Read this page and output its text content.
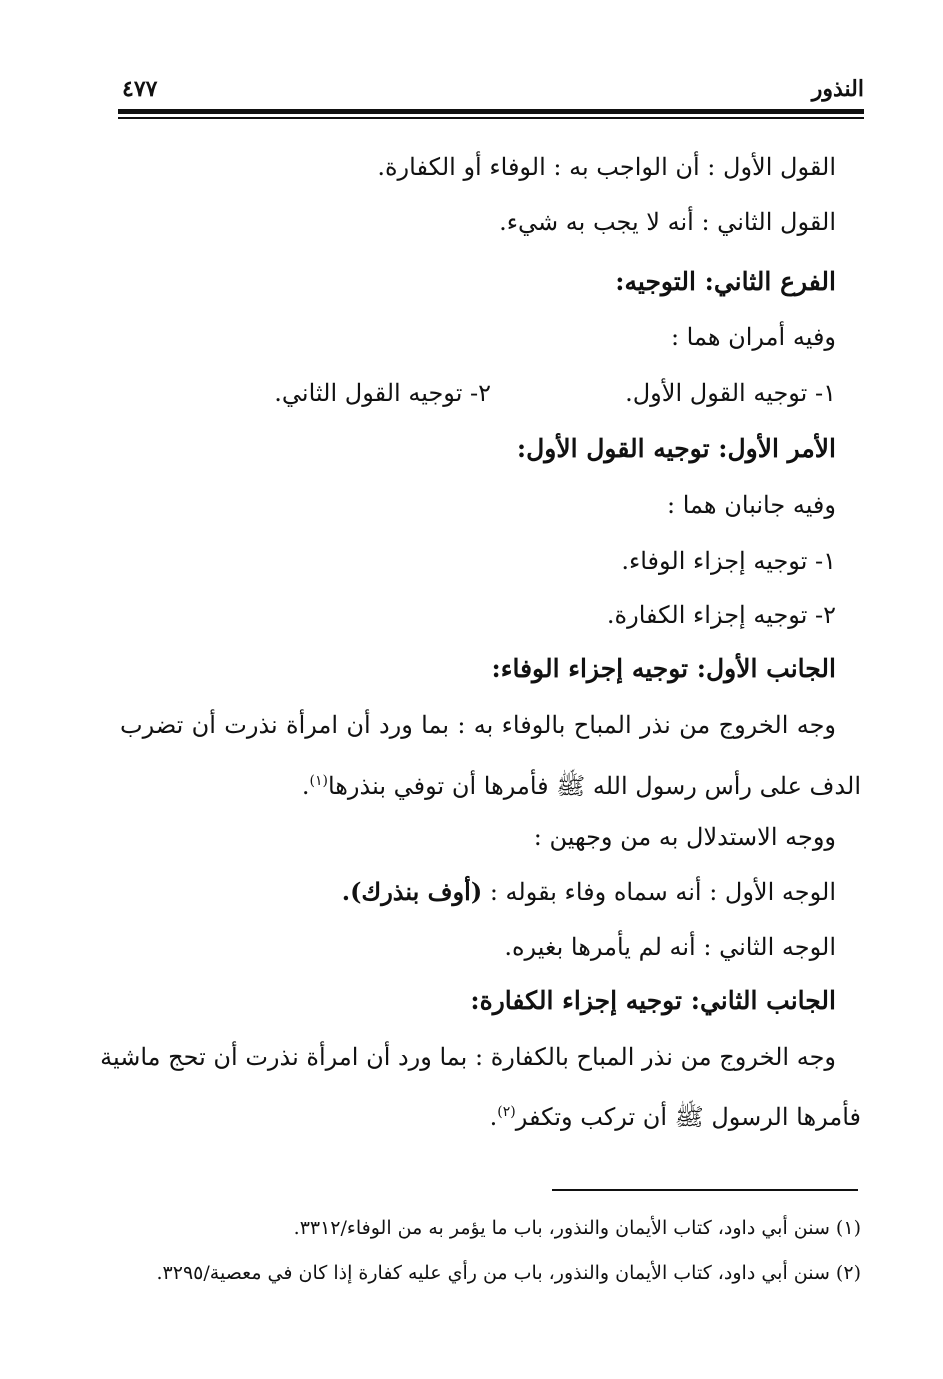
النذور
٤٧٧
القول الأول : أن الواجب به : الوفاء أو الكفارة.
القول الثاني : أنه لا يجب به شيء.
الفرع الثاني: التوجيه:
وفيه أمران هما :
١- توجيه القول الأول.
٢- توجيه القول الثاني.
الأمر الأول: توجيه القول الأول:
وفيه جانبان هما :
١- توجيه إجزاء الوفاء.
٢- توجيه إجزاء الكفارة.
الجانب الأول: توجيه إجزاء الوفاء:
وجه الخروج من نذر المباح بالوفاء به : بما ورد أن امرأة نذرت أن تضرب
الدف على رأس رسول الله ﷺ فأمرها أن توفي بنذرها$^{(١)}$.
ووجه الاستدلال به من وجهين :
الوجه الأول : أنه سماه وفاء بقوله : (أوف بنذرك).
الوجه الثاني : أنه لم يأمرها بغيره.
الجانب الثاني: توجيه إجزاء الكفارة:
وجه الخروج من نذر المباح بالكفارة : بما ورد أن امرأة نذرت أن تحج ماشية
فأمرها الرسول ﷺ أن تركب وتكفر$^{(٢)}$.
(١) سنن أبي داود، كتاب الأيمان والنذور، باب ما يؤمر به من الوفاء/٣٣١٢.
(٢) سنن أبي داود، كتاب الأيمان والنذور، باب من رأي عليه كفارة إذا كان في معصية/٣٢٩٥.
